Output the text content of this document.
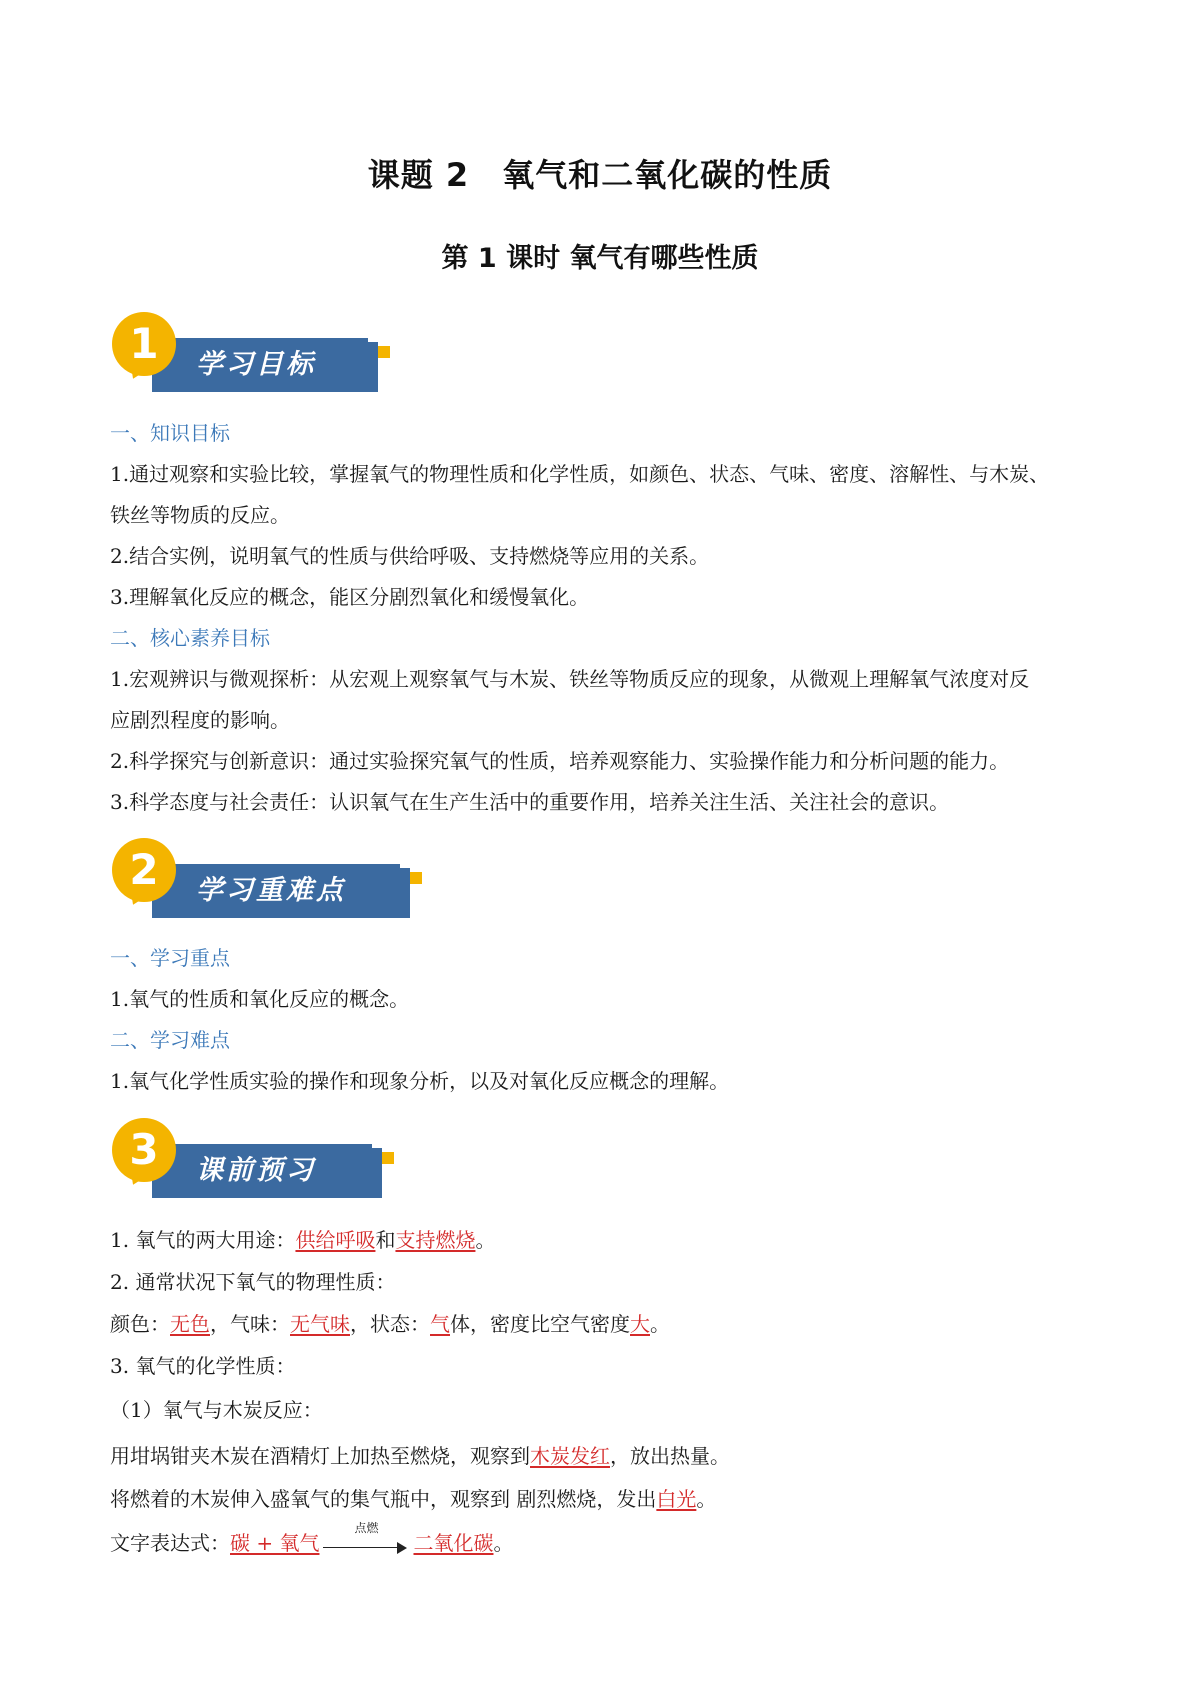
课题 2　氧气和二氧化碳的性质
第 1 课时 氧气有哪些性质
1	学习目标
一、知识目标
1.通过观察和实验比较，掌握氧气的物理性质和化学性质，如颜色、状态、气味、密度、溶解性、与木炭、
铁丝等物质的反应。
2.结合实例，说明氧气的性质与供给呼吸、支持燃烧等应用的关系。
3.理解氧化反应的概念，能区分剧烈氧化和缓慢氧化。
二、核心素养目标
1.宏观辨识与微观探析：从宏观上观察氧气与木炭、铁丝等物质反应的现象，从微观上理解氧气浓度对反
应剧烈程度的影响。
2.科学探究与创新意识：通过实验探究氧气的性质，培养观察能力、实验操作能力和分析问题的能力。
3.科学态度与社会责任：认识氧气在生产生活中的重要作用，培养关注生活、关注社会的意识。
2	学习重难点
一、学习重点
1.氧气的性质和氧化反应的概念。
二、学习难点
1.氧气化学性质实验的操作和现象分析，以及对氧化反应概念的理解。
3	课前预习
1. 氧气的两大用途：供给呼吸和支持燃烧。
2. 通常状况下氧气的物理性质：
颜色：无色，气味：无气味，状态：气体，密度比空气密度大。
3. 氧气的化学性质：
（1）氧气与木炭反应：
用坩埚钳夹木炭在酒精灯上加热至燃烧，观察到木炭发红，放出热量。
将燃着的木炭伸入盛氧气的集气瓶中，观察到 剧烈燃烧，发出白光。
文字表达式：碳 + 氧气
点燃
二氧化碳。
